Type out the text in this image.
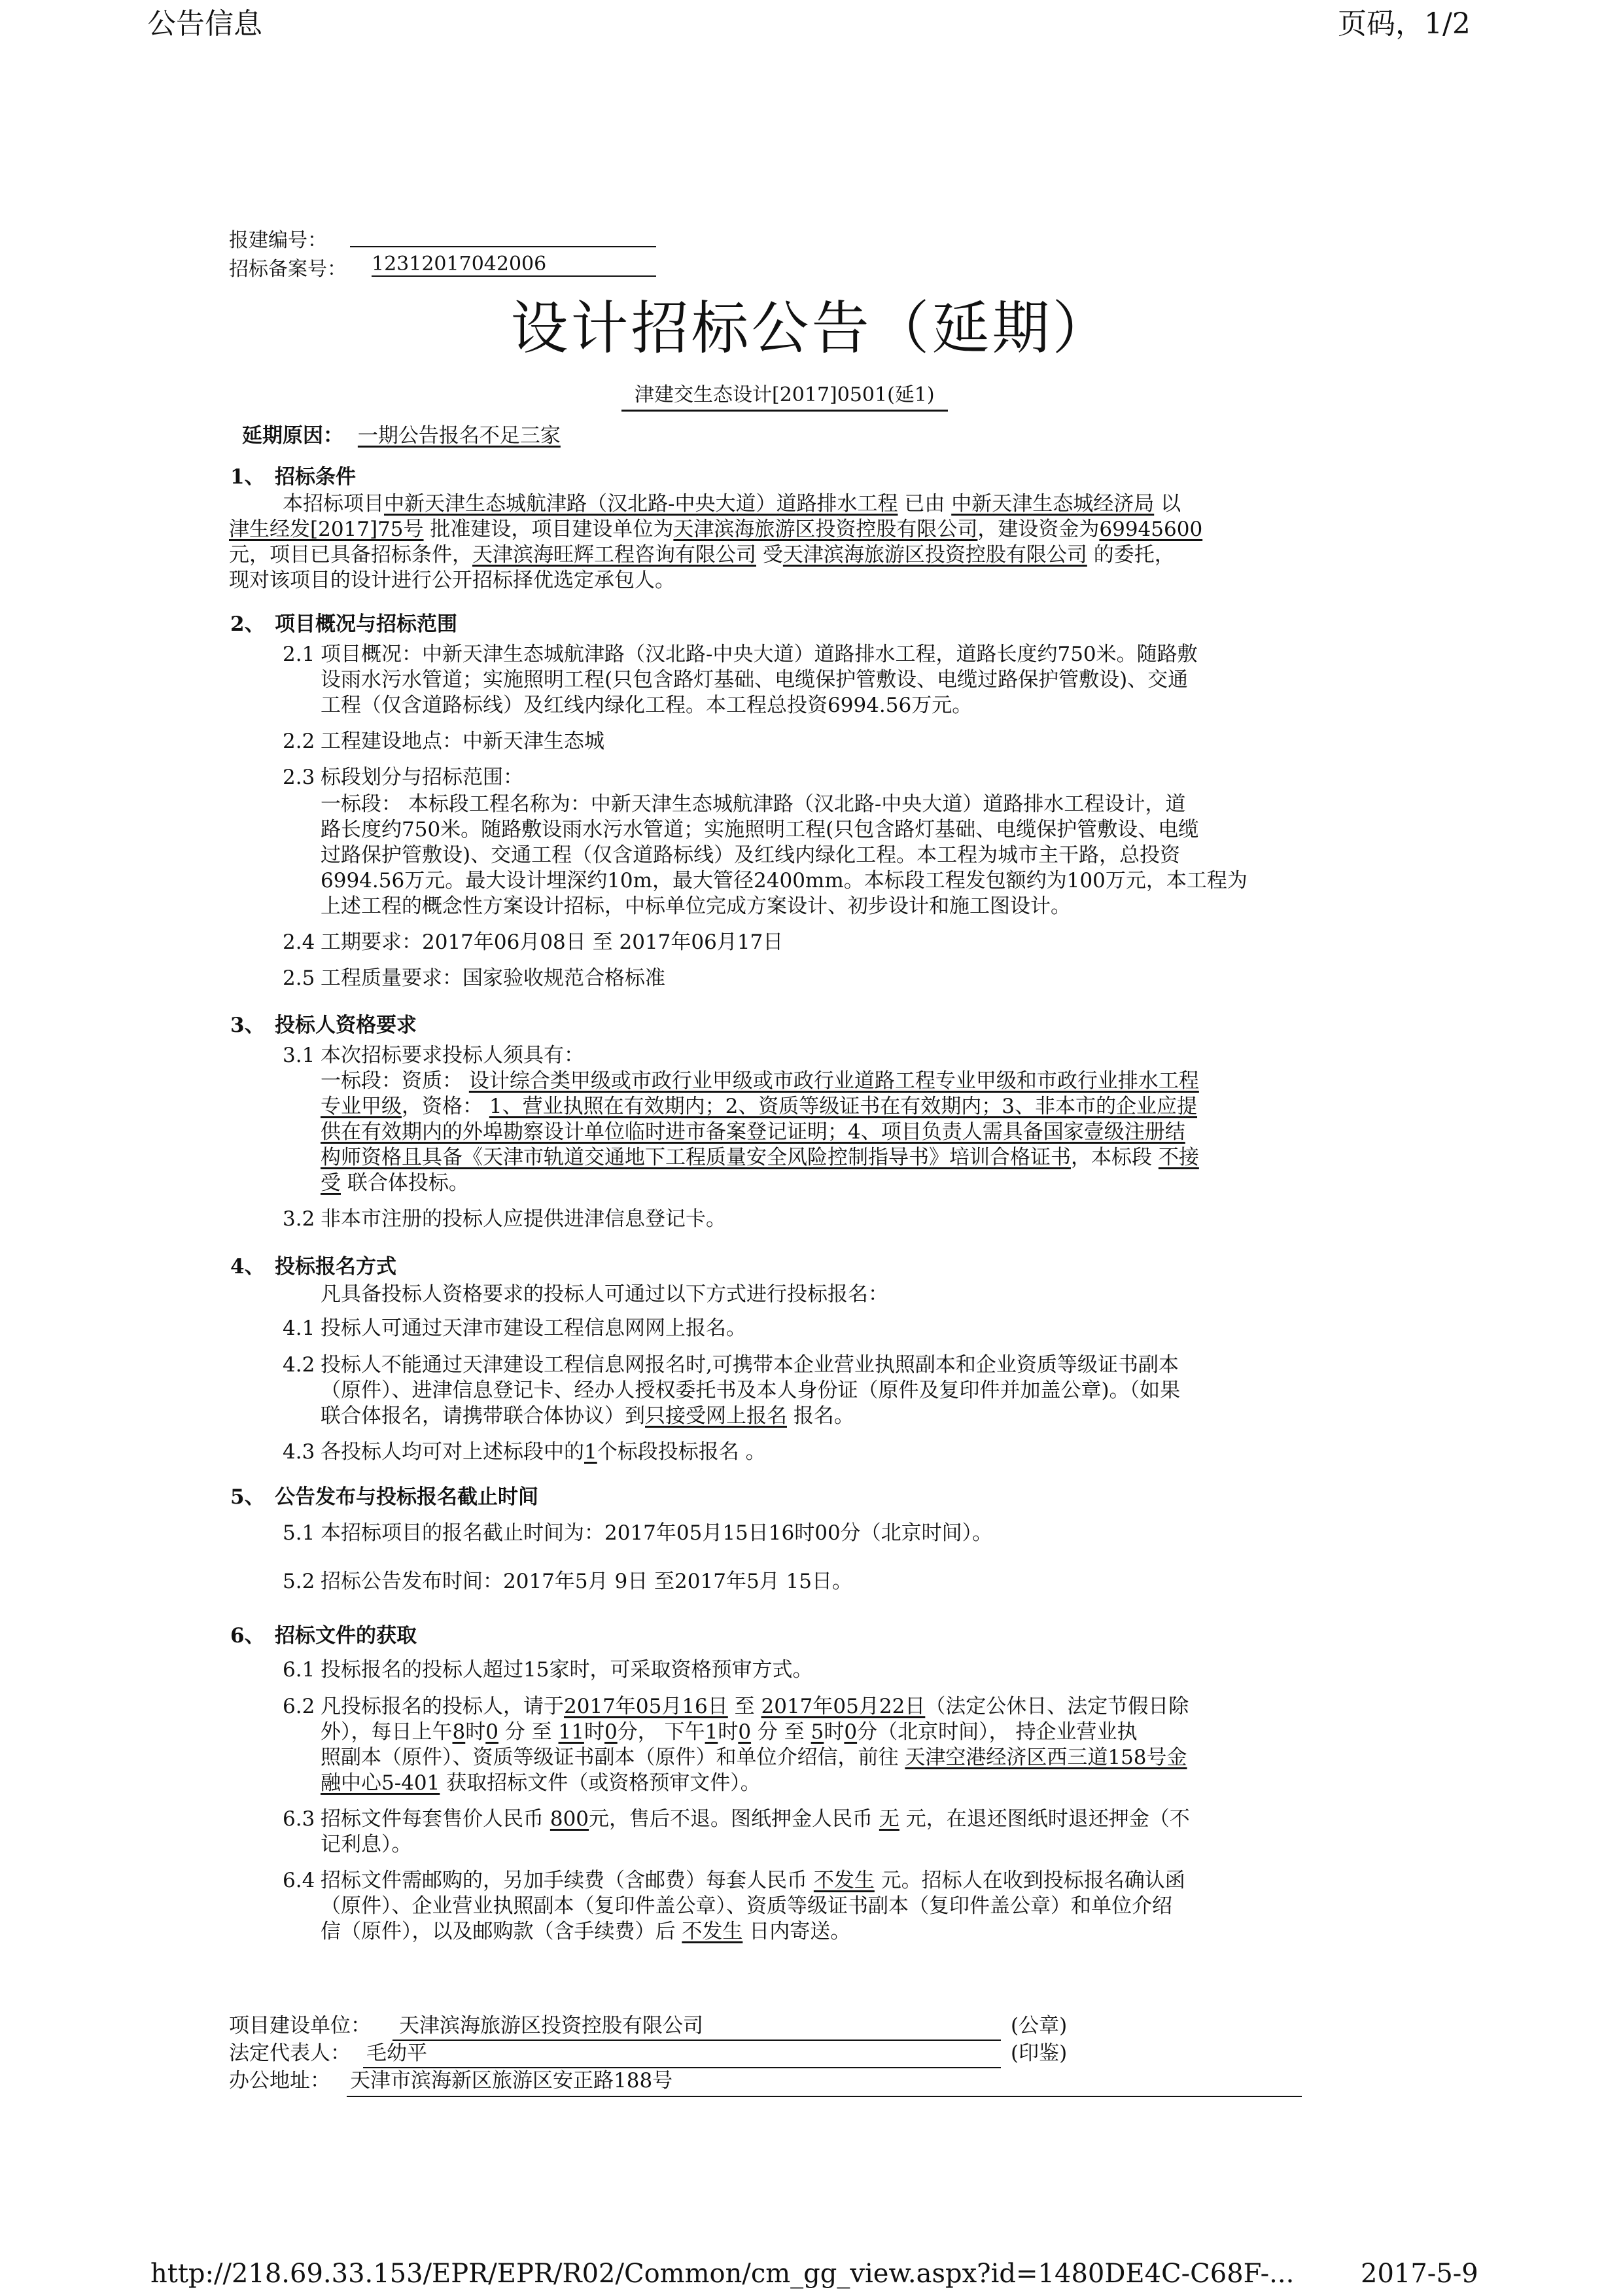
公告信息	页码，1/2
报建编号：
招标备案号： 12312017042006
设计招标公告（延期）
津建交生态设计[2017]0501(延1)
延期原因： 一期公告报名不足三家
1、 招标条件
本招标项目中新天津生态城航津路（汉北路-中央大道）道路排水工程 已由 中新天津生态城经济局 以
津生经发[2017]75号 批准建设，项目建设单位为天津滨海旅游区投资控股有限公司，建设资金为69945600
元，项目已具备招标条件，天津滨海旺辉工程咨询有限公司 受天津滨海旅游区投资控股有限公司 的委托，
现对该项目的设计进行公开招标择优选定承包人。
2、 项目概况与招标范围
2.1 项目概况：中新天津生态城航津路（汉北路-中央大道）道路排水工程，道路长度约750米。随路敷
设雨水污水管道；实施照明工程(只包含路灯基础、电缆保护管敷设、电缆过路保护管敷设)、交通
工程（仅含道路标线）及红线内绿化工程。本工程总投资6994.56万元。
2.2 工程建设地点：中新天津生态城
2.3 标段划分与招标范围：
一标段： 本标段工程名称为：中新天津生态城航津路（汉北路-中央大道）道路排水工程设计，道
路长度约750米。随路敷设雨水污水管道；实施照明工程(只包含路灯基础、电缆保护管敷设、电缆
过路保护管敷设)、交通工程（仅含道路标线）及红线内绿化工程。本工程为城市主干路，总投资
6994.56万元。最大设计埋深约10m，最大管径2400mm。本标段工程发包额约为100万元，本工程为
上述工程的概念性方案设计招标，中标单位完成方案设计、初步设计和施工图设计。
2.4 工期要求：2017年06月08日 至 2017年06月17日
2.5 工程质量要求：国家验收规范合格标准
3、 投标人资格要求
3.1 本次招标要求投标人须具有：
一标段：资质： 设计综合类甲级或市政行业甲级或市政行业道路工程专业甲级和市政行业排水工程
专业甲级，资格： 1、营业执照在有效期内；2、资质等级证书在有效期内；3、非本市的企业应提
供在有效期内的外埠勘察设计单位临时进市备案登记证明；4、项目负责人需具备国家壹级注册结
构师资格且具备《天津市轨道交通地下工程质量安全风险控制指导书》培训合格证书，本标段 不接
受 联合体投标。
3.2 非本市注册的投标人应提供进津信息登记卡。
4、 投标报名方式
凡具备投标人资格要求的投标人可通过以下方式进行投标报名：
4.1 投标人可通过天津市建设工程信息网网上报名。
4.2 投标人不能通过天津建设工程信息网报名时,可携带本企业营业执照副本和企业资质等级证书副本
（原件）、进津信息登记卡、经办人授权委托书及本人身份证（原件及复印件并加盖公章)。（如果
联合体报名，请携带联合体协议）到只接受网上报名 报名。
4.3 各投标人均可对上述标段中的1个标段投标报名 。
5、 公告发布与投标报名截止时间
5.1 本招标项目的报名截止时间为：2017年05月15日16时00分（北京时间）。
5.2 招标公告发布时间：2017年5月 9日 至2017年5月 15日。
6、 招标文件的获取
6.1 投标报名的投标人超过15家时，可采取资格预审方式。
6.2 凡投标报名的投标人，请于2017年05月16日 至 2017年05月22日（法定公休日、法定节假日除
外），每日上午8时0 分 至 11时0分， 下午1时0 分 至 5时0分（北京时间）， 持企业营业执
照副本（原件）、资质等级证书副本（原件）和单位介绍信，前往 天津空港经济区西三道158号金
融中心5-401 获取招标文件（或资格预审文件）。
6.3 招标文件每套售价人民币 800元，售后不退。图纸押金人民币 无 元，在退还图纸时退还押金（不
记利息）。
6.4 招标文件需邮购的，另加手续费（含邮费）每套人民币 不发生 元。招标人在收到投标报名确认函
（原件）、企业营业执照副本（复印件盖公章）、资质等级证书副本（复印件盖公章）和单位介绍
信（原件），以及邮购款（含手续费）后 不发生 日内寄送。
项目建设单位： 天津滨海旅游区投资控股有限公司	(公章)
法定代表人： 毛幼平	(印鉴)
办公地址： 天津市滨海新区旅游区安正路188号
http://218.69.33.153/EPR/EPR/R02/Common/cm_gg_view.aspx?id=1480DE4C-C68F-...	2017-5-9
